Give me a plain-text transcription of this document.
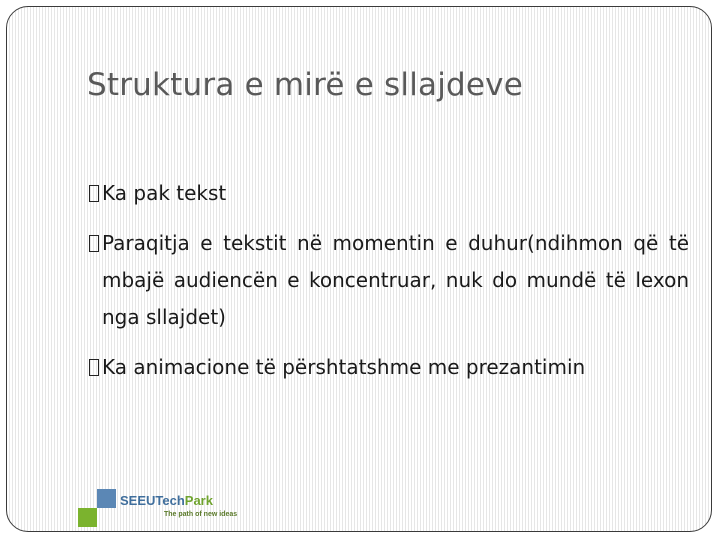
Struktura e mirë e sllajdeve
Ka pak tekst
Paraqitja e tekstit në momentin e duhur(ndihmon që të mbajë audiencën e koncentruar, nuk do mundë të lexon nga sllajdet)
Ka animacione të përshtatshme me prezantimin
SEEUTechPark
The path of new ideas
